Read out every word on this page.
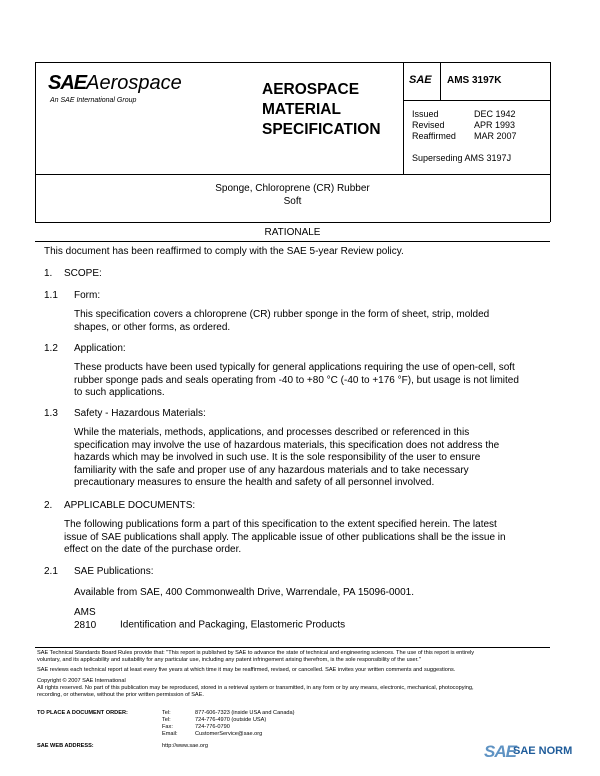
SAEAerospace
An SAE International Group
AEROSPACE
MATERIAL
SPECIFICATION
SAE AMS 3197K
Issued	DEC 1942
Revised	APR 1993
Reaffirmed	MAR 2007
Superseding AMS 3197J
Sponge, Chloroprene (CR) Rubber
Soft
RATIONALE
This document has been reaffirmed to comply with the SAE 5-year Review policy.
1. SCOPE:
1.1 Form:
This specification covers a chloroprene (CR) rubber sponge in the form of sheet, strip, molded
shapes, or other forms, as ordered.
1.2 Application:
These products have been used typically for general applications requiring the use of open-cell, soft
rubber sponge pads and seals operating from -40 to +80 °C (-40 to +176 °F), but usage is not limited
to such applications.
1.3 Safety - Hazardous Materials:
While the materials, methods, applications, and processes described or referenced in this
specification may involve the use of hazardous materials, this specification does not address the
hazards which may be involved in such use. It is the sole responsibility of the user to ensure
familiarity with the safe and proper use of any hazardous materials and to take necessary
precautionary measures to ensure the health and safety of all personnel involved.
2. APPLICABLE DOCUMENTS:
The following publications form a part of this specification to the extent specified herein. The latest
issue of SAE publications shall apply. The applicable issue of other publications shall be the issue in
effect on the date of the purchase order.
2.1 SAE Publications:
Available from SAE, 400 Commonwealth Drive, Warrendale, PA 15096-0001.
AMS 2810 Identification and Packaging, Elastomeric Products
SAE Technical Standards Board Rules provide that: "This report is published by SAE to advance the state of technical and engineering sciences. The use of this report is entirely
voluntary, and its applicability and suitability for any particular use, including any patent infringement arising therefrom, is the sole responsibility of the user."
SAE reviews each technical report at least every five years at which time it may be reaffirmed, revised, or cancelled. SAE invites your written comments and suggestions.
Copyright © 2007 SAE International
All rights reserved. No part of this publication may be reproduced, stored in a retrieval system or transmitted, in any form or by any means, electronic, mechanical, photocopying,
recording, or otherwise, without the prior written permission of SAE.
TO PLACE A DOCUMENT ORDER:	Tel:	877-606-7323 (inside USA and Canada)
Tel:	724-776-4970 (outside USA)
Fax:	724-776-0790
Email:	CustomerService@sae.org
SAE WEB ADDRESS:	http://www.sae.org	SAE
SAE NORM
